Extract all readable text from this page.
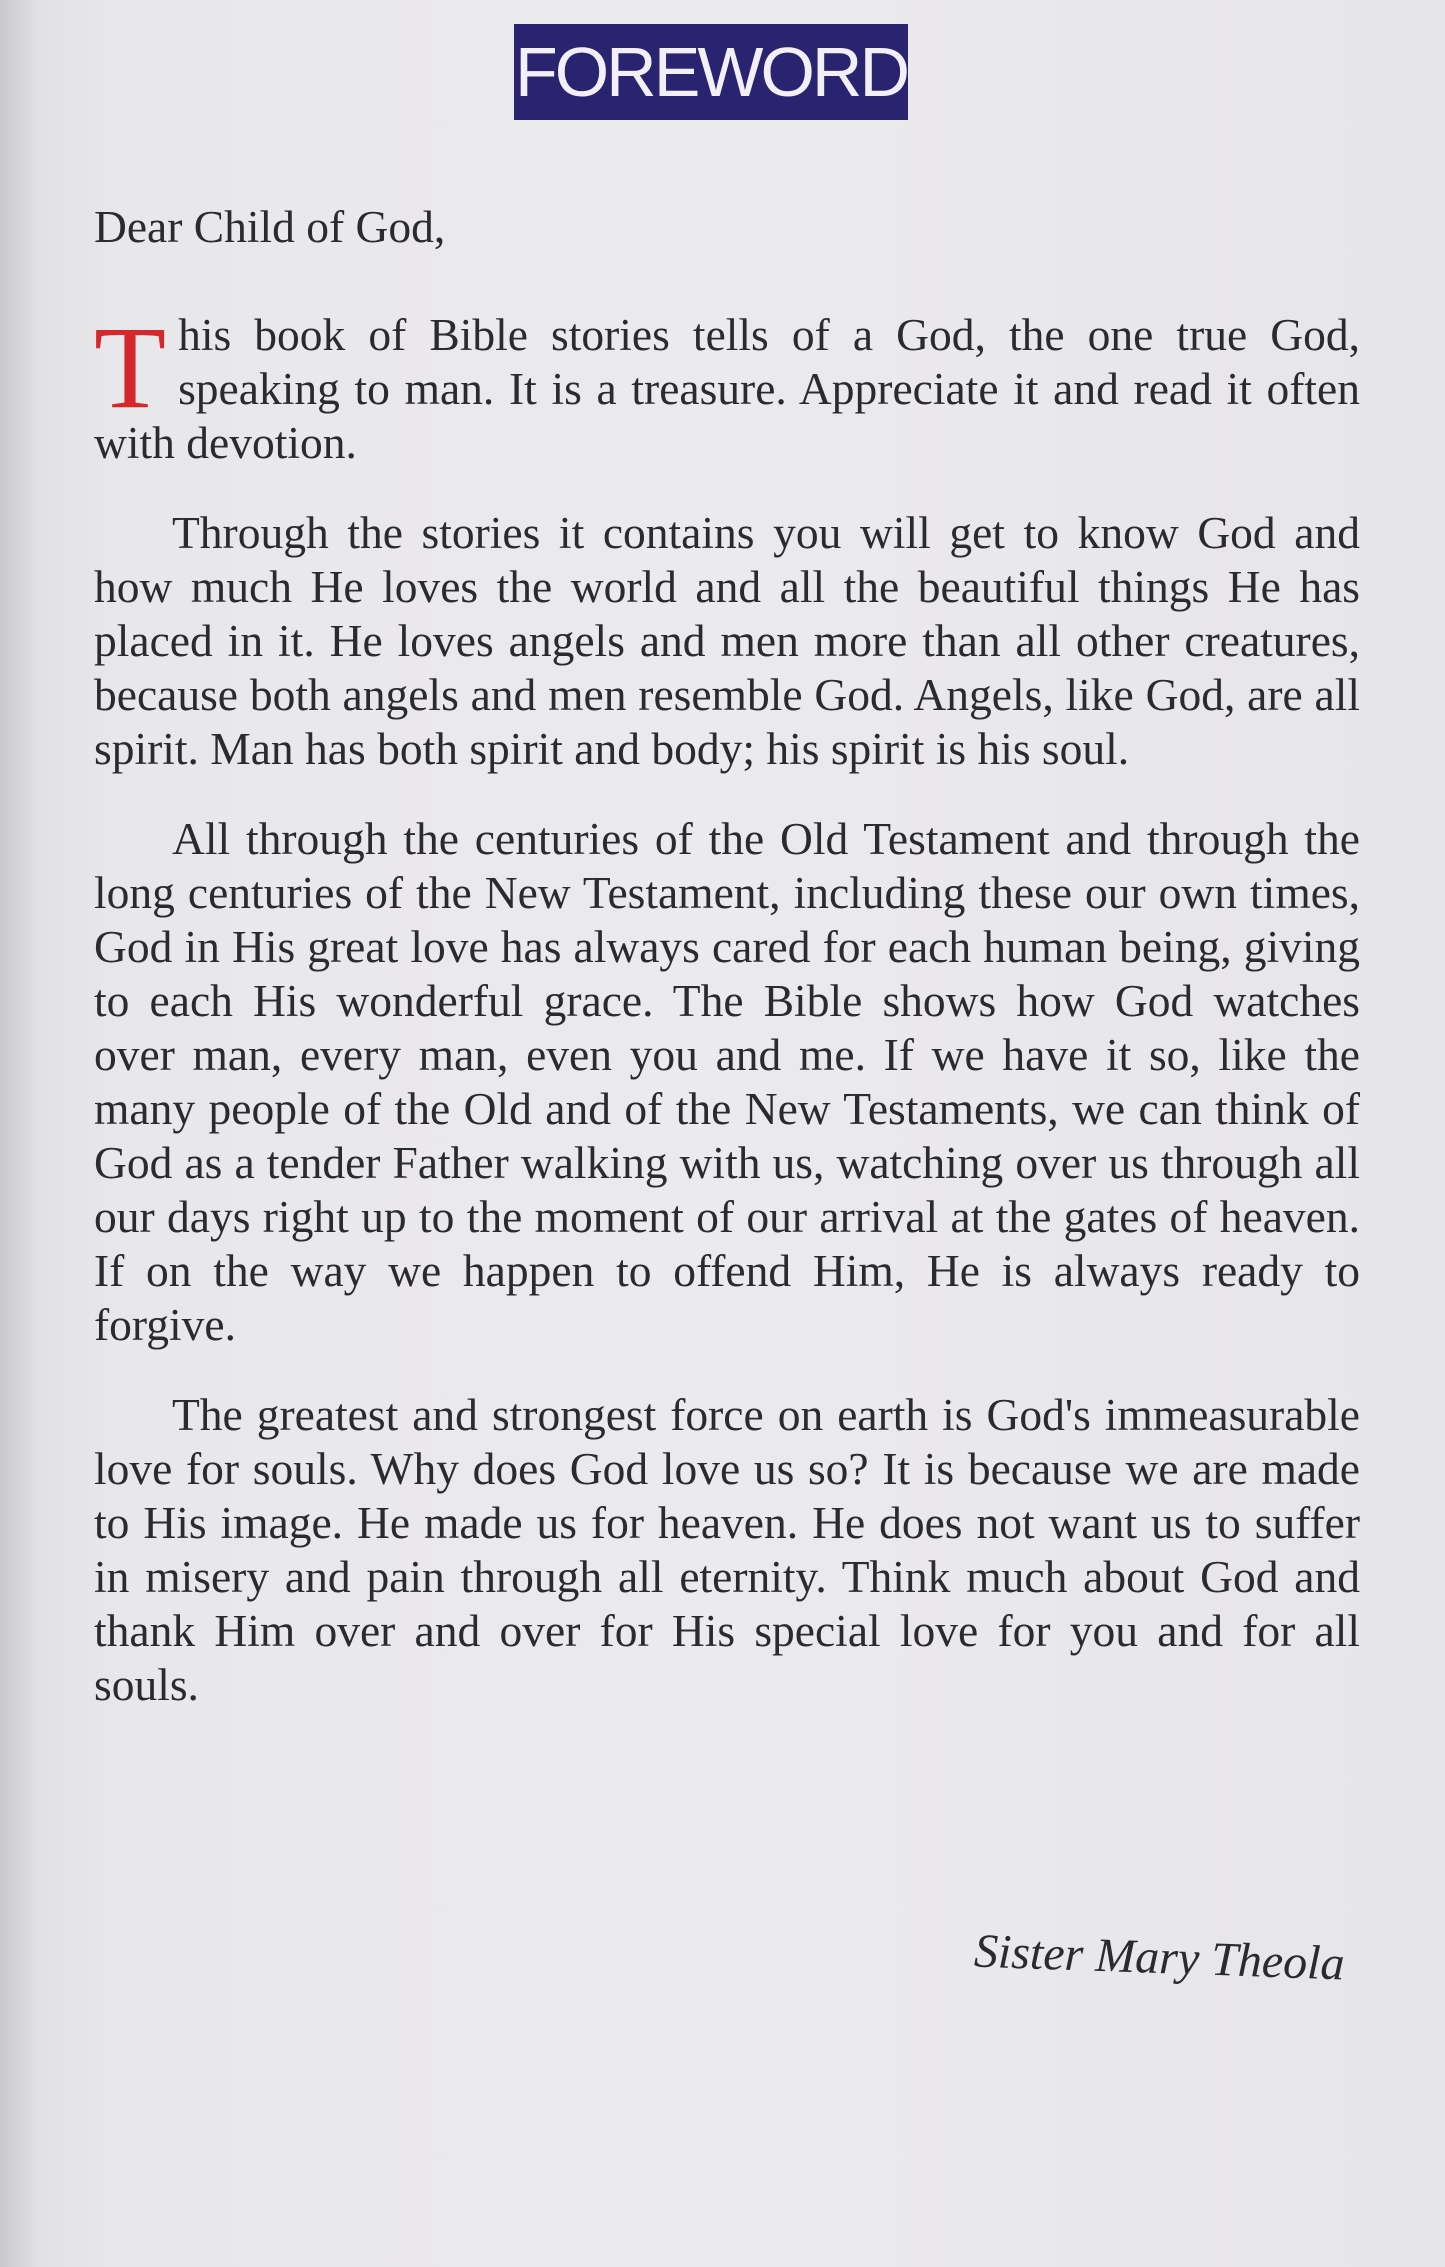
FOREWORD

Dear Child of God,

This book of Bible stories tells of a God, the one true God, speaking to man. It is a treasure. Appreciate it and read it often with devotion.

Through the stories it contains you will get to know God and how much He loves the world and all the beautiful things He has placed in it. He loves angels and men more than all other creatures, because both angels and men resemble God. Angels, like God, are all spirit. Man has both spirit and body; his spirit is his soul.

All through the centuries of the Old Testament and through the long centuries of the New Testament, including these our own times, God in His great love has always cared for each human being, giving to each His wonderful grace. The Bible shows how God watches over man, every man, even you and me. If we have it so, like the many people of the Old and of the New Testaments, we can think of God as a tender Father walking with us, watching over us through all our days right up to the moment of our arrival at the gates of heaven. If on the way we happen to offend Him, He is always ready to forgive.

The greatest and strongest force on earth is God's immeasurable love for souls. Why does God love us so? It is because we are made to His image. He made us for heaven. He does not want us to suffer in misery and pain through all eternity. Think much about God and thank Him over and over for His special love for you and for all souls.

Sister Mary Theola
